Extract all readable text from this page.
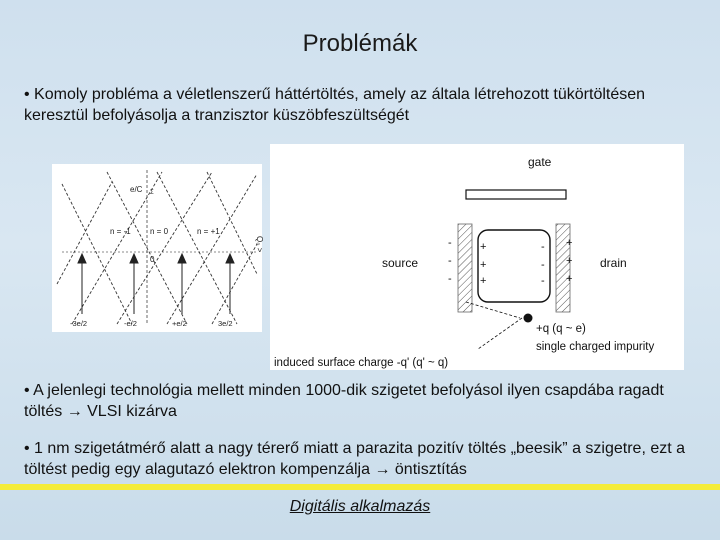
Problémák
• Komoly probléma a véletlenszerű háttértöltés, amely az általa létrehozott tükörtöltésen keresztül befolyásolja a tranzisztor küszöbfeszültségét
e/C Σ
0
n = -1 n = 0	n = +1
-3e/2	-e/2	+e/2	3e/2
Q₀ >
gate
source	drain
-
-
-
+
+
+
-
-
-
+
+
+
+q (q ~ e)
single charged impurity
induced surface charge -q' (q' ~ q)
• A jelenlegi technológia mellett minden 1000-dik szigetet befolyásol ilyen csapdába ragadt töltés → VLSI kizárva
• 1 nm szigetátmérő alatt a nagy térerő miatt a parazita pozitív töltés „beesik” a szigetre, ezt a töltést pedig egy alagutazó elektron kompenzálja → öntisztítás
Digitális alkalmazás
